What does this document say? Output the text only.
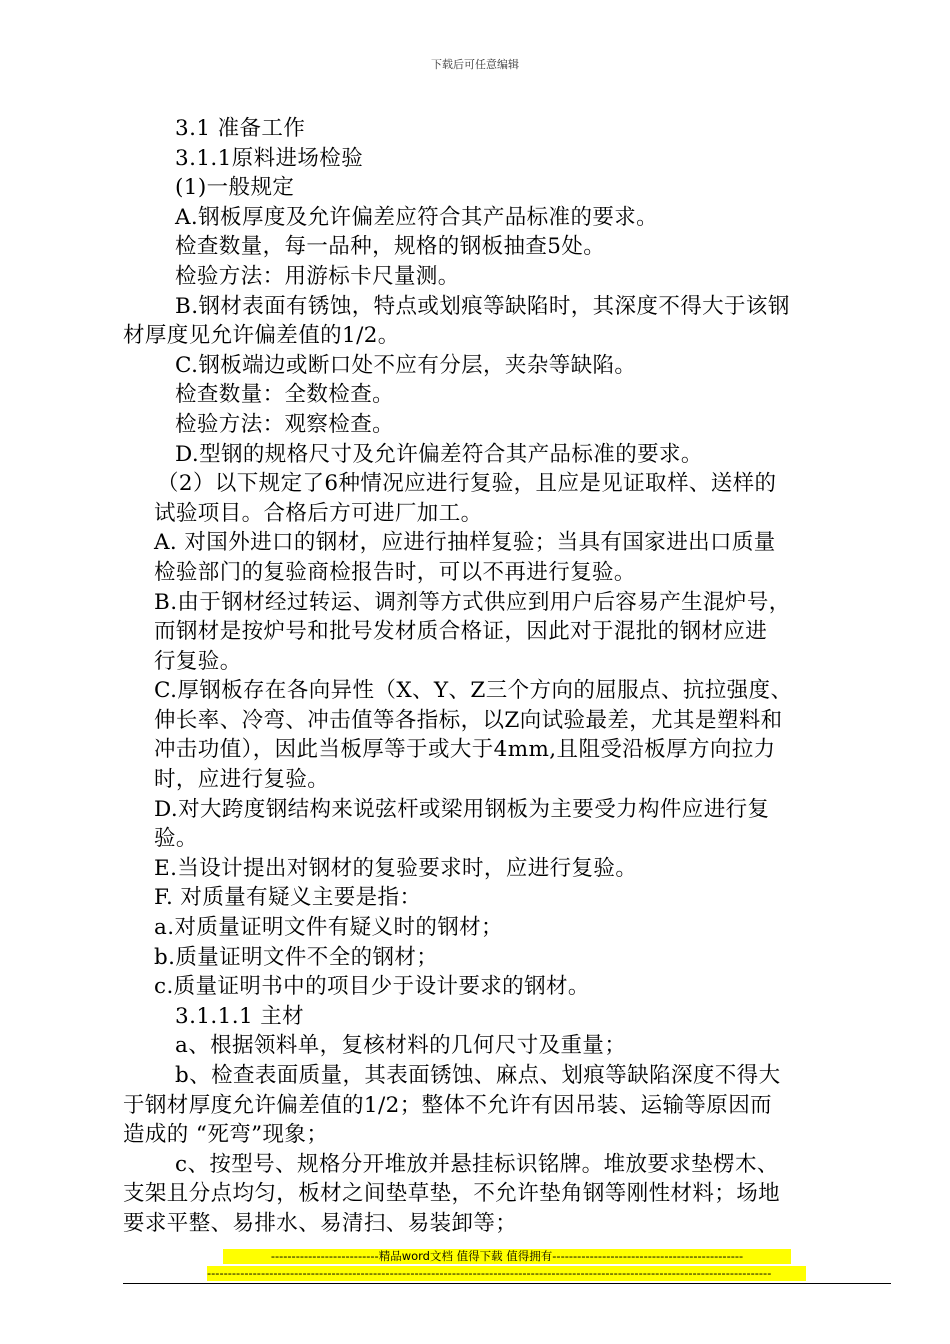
下载后可任意编辑
3.1 准备工作
3.1.1原料进场检验
(1)一般规定
A.钢板厚度及允许偏差应符合其产品标准的要求。
检查数量，每一品种，规格的钢板抽查5处。
检验方法：用游标卡尺量测。
B.钢材表面有锈蚀，特点或划痕等缺陷时，其深度不得大于该钢
材厚度见允许偏差值的1/2。
C.钢板端边或断口处不应有分层，夹杂等缺陷。
检查数量：全数检查。
检验方法：观察检查。
D.型钢的规格尺寸及允许偏差符合其产品标准的要求。
（2）以下规定了6种情况应进行复验，且应是见证取样、送样的
试验项目。合格后方可进厂加工。
A. 对国外进口的钢材，应进行抽样复验；当具有国家进出口质量
检验部门的复验商检报告时，可以不再进行复验。
B.由于钢材经过转运、调剂等方式供应到用户后容易产生混炉号，
而钢材是按炉号和批号发材质合格证，因此对于混批的钢材应进
行复验。
C.厚钢板存在各向异性（X、Y、Z三个方向的屈服点、抗拉强度、
伸长率、冷弯、冲击值等各指标，以Z向试验最差，尤其是塑料和
冲击功值），因此当板厚等于或大于4mm,且阻受沿板厚方向拉力
时，应进行复验。
D.对大跨度钢结构来说弦杆或梁用钢板为主要受力构件应进行复
验。
E.当设计提出对钢材的复验要求时，应进行复验。
F. 对质量有疑义主要是指：
a.对质量证明文件有疑义时的钢材；
b.质量证明文件不全的钢材；
c.质量证明书中的项目少于设计要求的钢材。
3.1.1.1 主材
a、根据领料单，复核材料的几何尺寸及重量；
b、检查表面质量，其表面锈蚀、麻点、划痕等缺陷深度不得大
于钢材厚度允许偏差值的1/2；整体不允许有因吊装、运输等原因而
造成的 “死弯”现象；
c、按型号、规格分开堆放并悬挂标识铭牌。堆放要求垫楞木、
支架且分点均匀，板材之间垫草垫，不允许垫角钢等刚性材料；场地
要求平整、易排水、易清扫、易装卸等；
--------------------------精品word文档 值得下载 值得拥有----------------------------------------------
----------------------------------------------------------------------------------------------------------------------------------------
